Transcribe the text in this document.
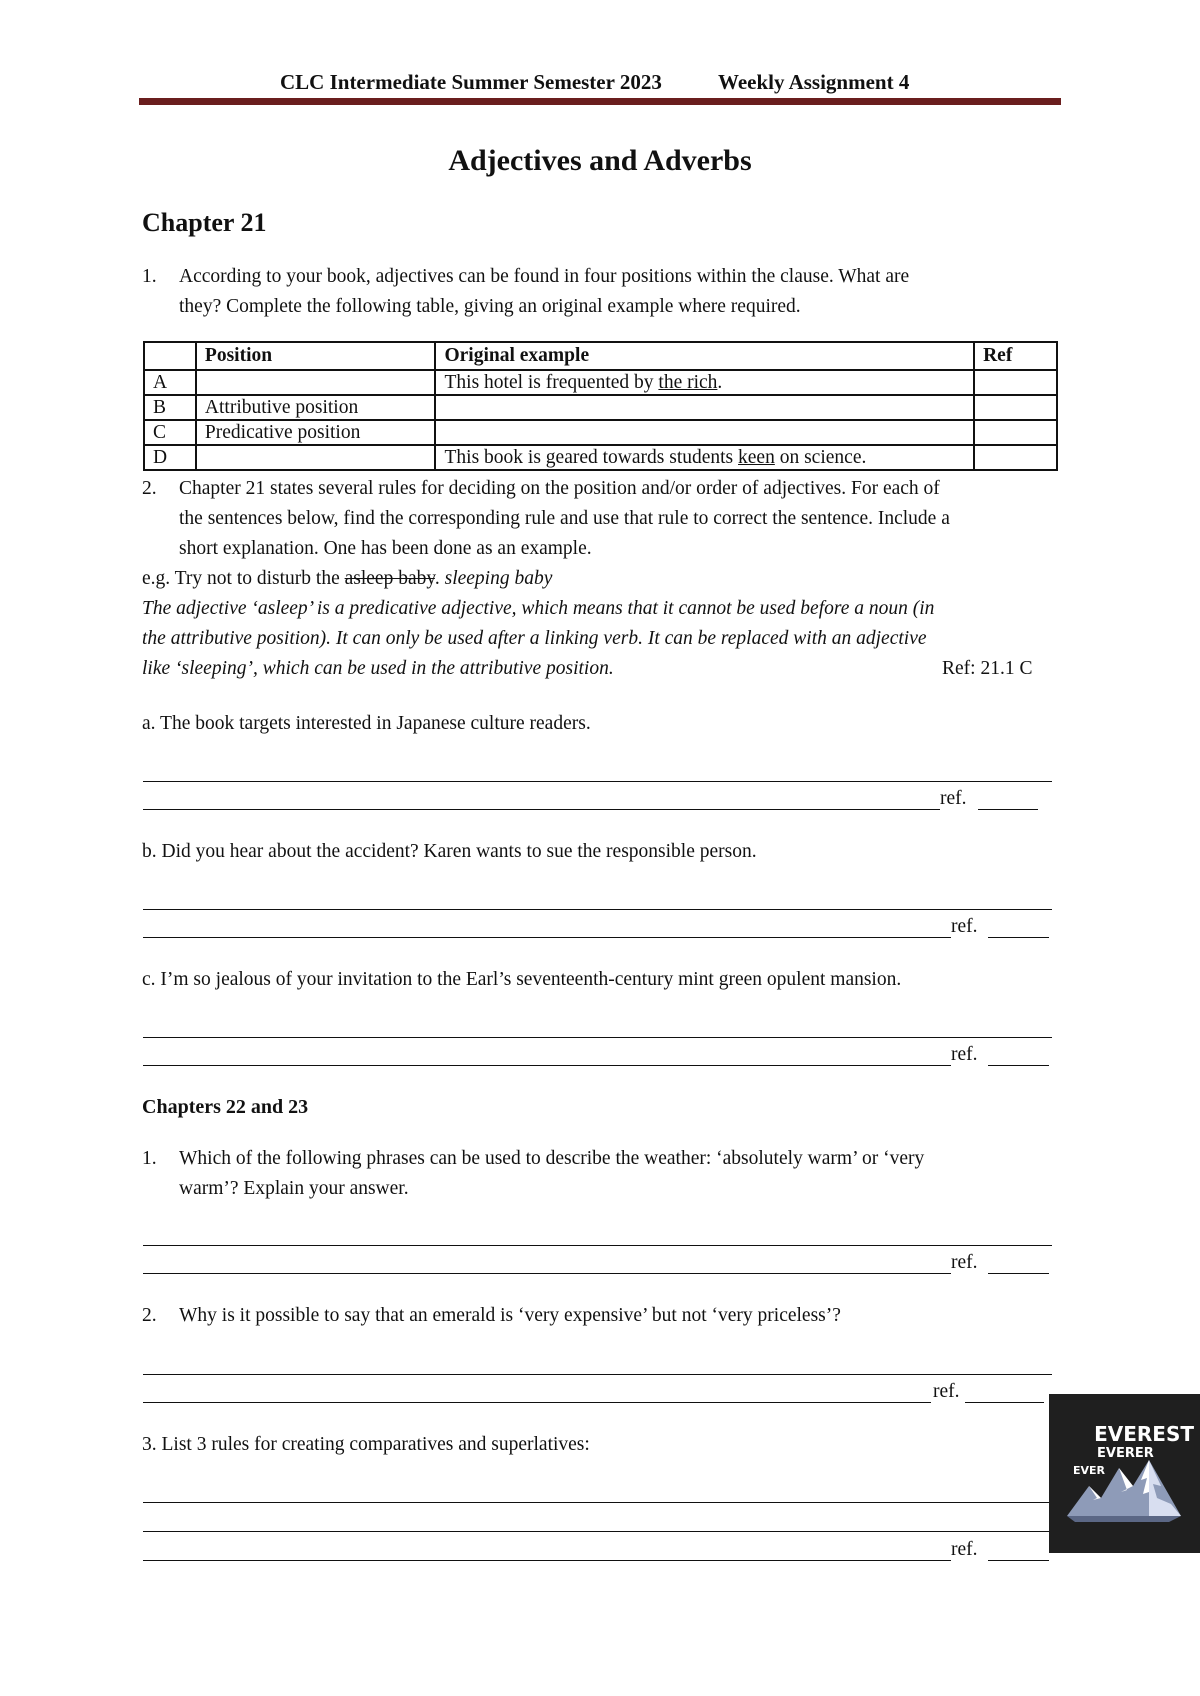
CLC Intermediate Summer Semester 2023	Weekly Assignment 4
Adjectives and Adverbs
Chapter 21
1. According to your book, adjectives can be found in four positions within the clause. What are
they? Complete the following table, giving an original example where required.
	Position	Original example	Ref
A		This hotel is frequented by the rich.	
B	Attributive position		
C	Predicative position		
D		This book is geared towards students keen on science.	
2. Chapter 21 states several rules for deciding on the position and/or order of adjectives. For each of
the sentences below, find the corresponding rule and use that rule to correct the sentence. Include a
short explanation. One has been done as an example.
e.g. Try not to disturb the asleep baby. sleeping baby
The adjective ‘asleep’ is a predicative adjective, which means that it cannot be used before a noun (in
the attributive position). It can only be used after a linking verb. It can be replaced with an adjective
like ‘sleeping’, which can be used in the attributive position.	Ref: 21.1 C
a. The book targets interested in Japanese culture readers.
ref.
b. Did you hear about the accident? Karen wants to sue the responsible person.
ref.
c. I’m so jealous of your invitation to the Earl’s seventeenth-century mint green opulent mansion.
ref.
Chapters 22 and 23
1. Which of the following phrases can be used to describe the weather: ‘absolutely warm’ or ‘very
warm’? Explain your answer.
ref.
2. Why is it possible to say that an emerald is ‘very expensive’ but not ‘very priceless’?
ref.
3. List 3 rules for creating comparatives and superlatives:
ref.
EVEREST
EVERER
EVER
